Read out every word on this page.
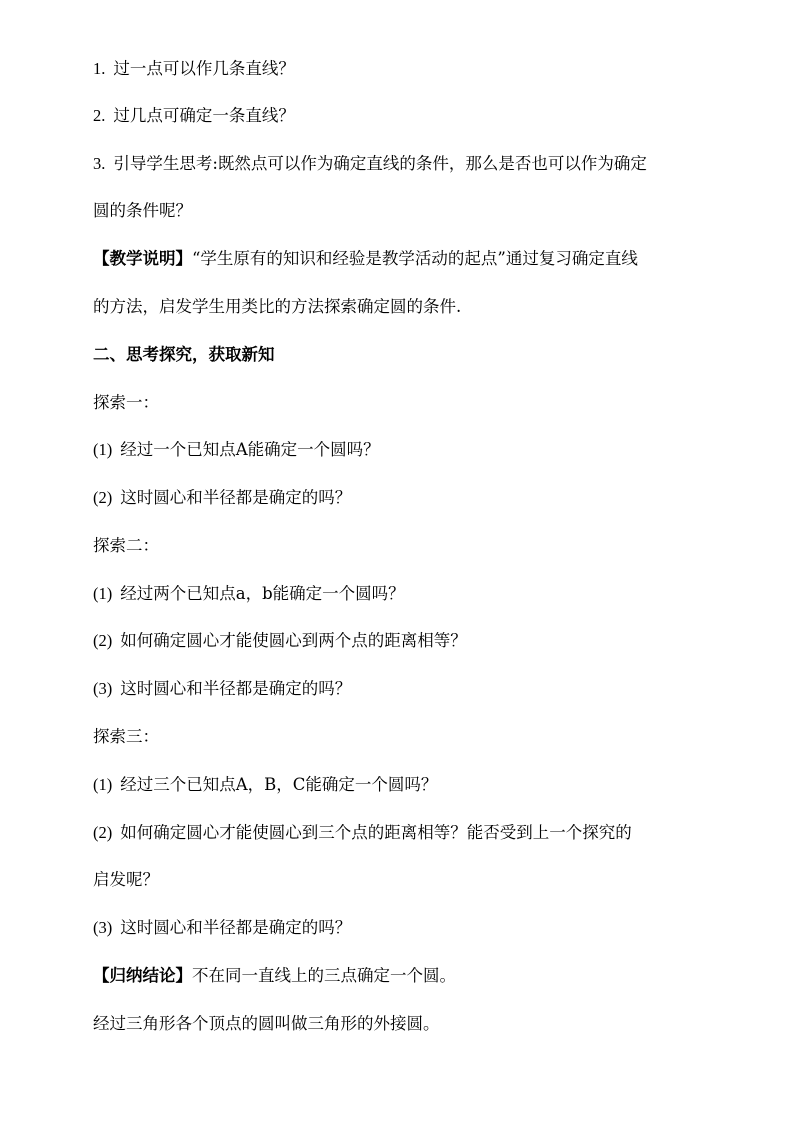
1. 过一点可以作几条直线？
2. 过几点可确定一条直线？
3. 引导学生思考:既然点可以作为确定直线的条件，那么是否也可以作为确定
圆的条件呢？
【教学说明】“学生原有的知识和经验是教学活动的起点”通过复习确定直线
的方法，启发学生用类比的方法探索确定圆的条件.
二、思考探究，获取新知
探索一：
(1) 经过一个已知点A能确定一个圆吗？
(2) 这时圆心和半径都是确定的吗？
探索二：
(1) 经过两个已知点a，b能确定一个圆吗？
(2) 如何确定圆心才能使圆心到两个点的距离相等？
(3) 这时圆心和半径都是确定的吗？
探索三：
(1) 经过三个已知点A，B，C能确定一个圆吗？
(2) 如何确定圆心才能使圆心到三个点的距离相等？能否受到上一个探究的
启发呢？
(3) 这时圆心和半径都是确定的吗？
【归纳结论】不在同一直线上的三点确定一个圆。
经过三角形各个顶点的圆叫做三角形的外接圆。
